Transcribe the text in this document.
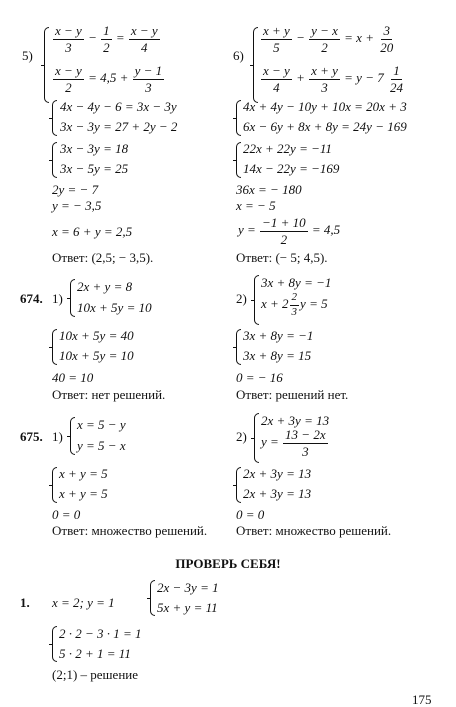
5)
$\frac{x - y}{3} - \frac{1}{2} = \frac{x - y}{4}$
$\frac{x - y}{2} = 4,5 + \frac{y - 1}{3}$
4x − 4y − 6 = 3x − 3y
3x − 3y = 27 + 2y − 2
3x − 3y = 18
3x − 5y = 25
2y = − 7
y = − 3,5
x = 6 + y = 2,5
Ответ: (2,5; − 3,5).
6)
$\frac{x + y}{5} - \frac{y - x}{2} = x + \frac{3}{20}$
$\frac{x - y}{4} + \frac{x + y}{3} = y - 7 \frac{1}{24}$
4x + 4y − 10y + 10x = 20x + 3
6x − 6y + 8x + 8y = 24y − 169
22x + 22y = −11
14x − 22y = −169
36x = − 180
x = − 5
$y = \frac{-1 + 10}{2} = 4,5$
Ответ: (− 5; 4,5).
674. 1)
2x + y = 8
10x + 5y = 10
10x + 5y = 40
10x + 5y = 10
40 = 10
Ответ: нет решений.
2)
3x + 8y = −1
$x + 2 \frac{2}{3}$ y = 5
3x + 8y = −1
3x + 8y = 15
0 = − 16
Ответ: решений нет.
675. 1)
x = 5 − y
y = 5 − x
x + y = 5
x + y = 5
0 = 0
Ответ: множество решений.
2)
2x + 3y = 13
$y = \frac{13 - 2x}{3}$
2x + 3y = 13
2x + 3y = 13
0 = 0
Ответ: множество решений.
ПРОВЕРЬ СЕБЯ!
1. x = 2; y = 1
2x − 3y = 1
5x + y = 11
2 · 2 − 3 · 1 = 1
5 · 2 + 1 = 11
(2;1) – решение
175
